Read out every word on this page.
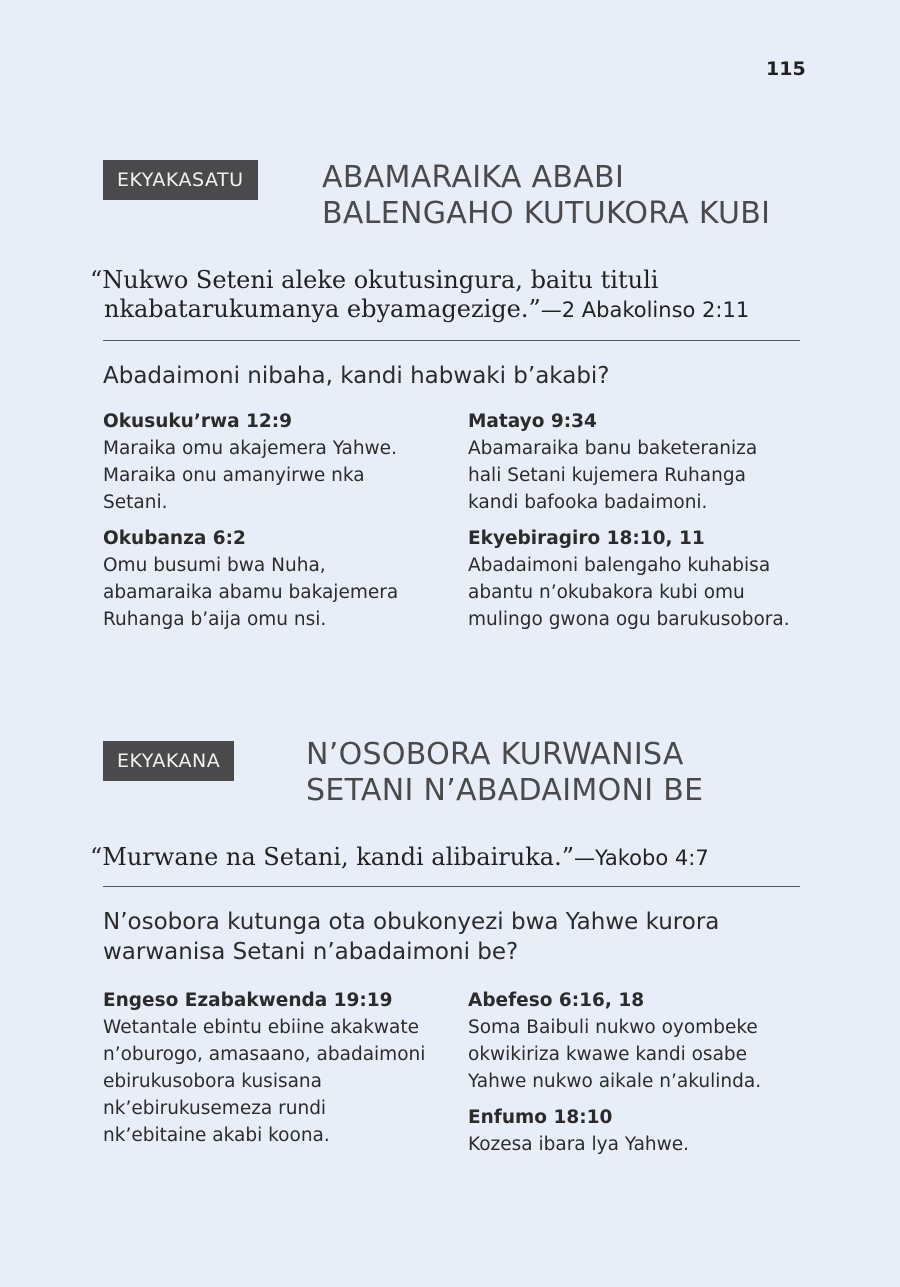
115
EKYAKASATU	ABAMARAIKA ABABI
BALENGAHO KUTUKORA KUBI
“Nukwo Seteni aleke okutusingura, baitu tituli
nkabatarukumanya ebyamagezige.”—2 Abakolinso 2:11
Abadaimoni nibaha, kandi habwaki b’akabi?
Okusuku’rwa 12:9
Maraika omu akajemera Yahwe. Maraika onu amanyirwe nka Setani.
Okubanza 6:2
Omu busumi bwa Nuha, abamaraika abamu bakajemera Ruhanga b’aija omu nsi.
Matayo 9:34
Abamaraika banu baketeraniza hali Setani kujemera Ruhanga kandi bafooka badaimoni.
Ekyebiragiro 18:10, 11
Abadaimoni balengaho kuhabisa abantu n’okubakora kubi omu mulingo gwona ogu barukusobora.
EKYAKANA	N’OSOBORA KURWANISA
SETANI N’ABADAIMONI BE
“Murwane na Setani, kandi alibairuka.”—Yakobo 4:7
N’osobora kutunga ota obukonyezi bwa Yahwe kurora
warwanisa Setani n’abadaimoni be?
Engeso Ezabakwenda 19:19
Wetantale ebintu ebiine akakwate n’oburogo, amasaano, abadaimoni ebirukusobora kusisana nk’ebirukusemeza rundi nk’ebitaine akabi koona.
Abefeso 6:16, 18
Soma Baibuli nukwo oyombeke okwikiriza kwawe kandi osabe Yahwe nukwo aikale n’akulinda.
Enfumo 18:10
Kozesa ibara lya Yahwe.
